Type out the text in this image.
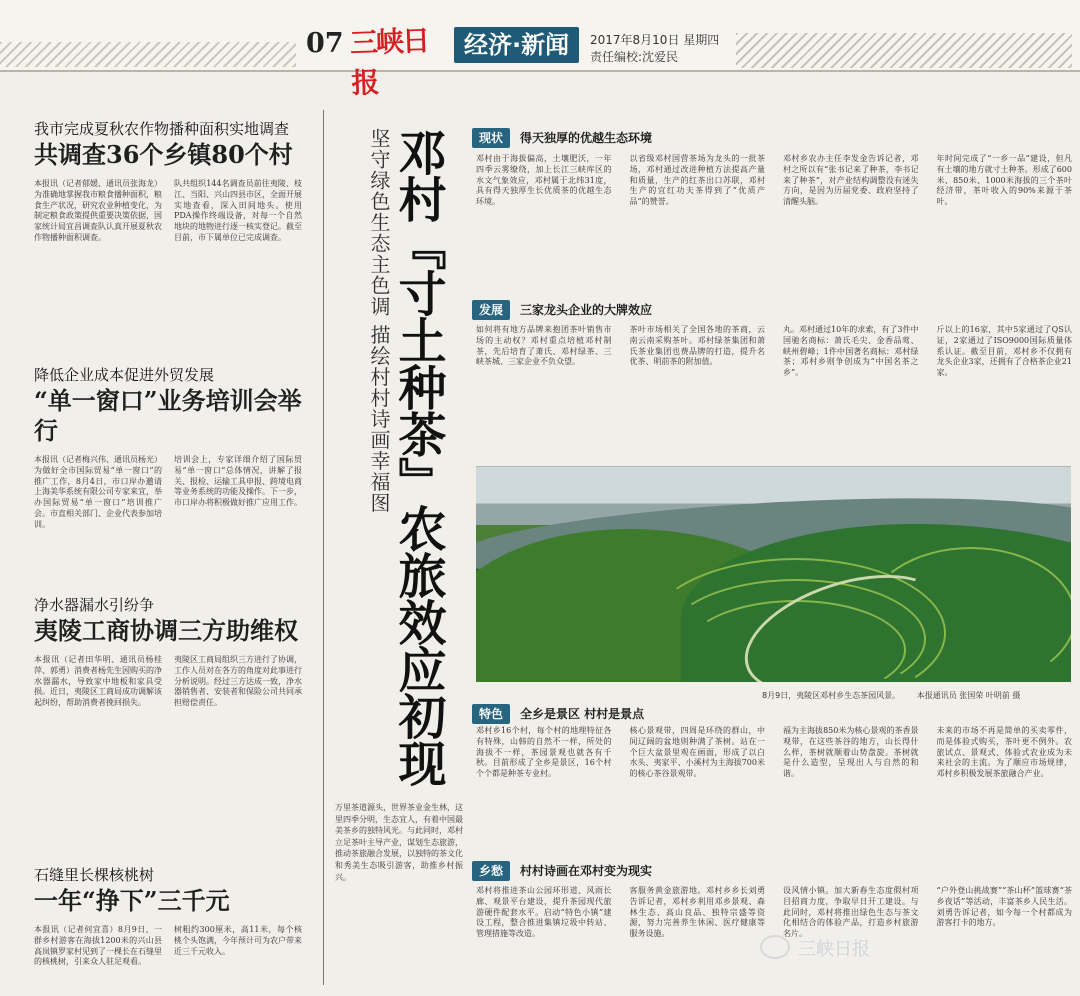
07 三峡日报
经济·新闻	2017年8月10日 星期四
责任编校:沈爱民
我市完成夏秋农作物播种面积实地调查
共调查36个乡镇80个村
本报讯（记者郁媛、通讯员张海龙）为准确地掌握我市粮食播种面积，粮食生产状况，研究农业种植变化，为制定粮食政策提供重要决策依据，国家统计局宜昌调查队认真开展夏秋农作物播种面积调查。
队共组织144名调查员前往夷陵、枝江、当阳、兴山四县市区，全面开展实地查看，深入田间地头。使用PDA操作终端设备，对每一个自然地块的地物进行逐一核实登记。截至目前，市下属单位已完成调查。
降低企业成本促进外贸发展
“单一窗口”业务培训会举行
本报讯（记者梅兴伟、通讯员杨光）为做好全市国际贸易“单一窗口”的推广工作，8月4日，市口岸办邀请上海美华系统有限公司专家来宜，举办国际贸易“单一窗口”培训推广会。市直相关部门、企业代表参加培训。
培训会上，专家详细介绍了国际贸易“单一窗口”总体情况，讲解了报关、报检、运输工具申报、跨境电商等业务系统的功能及操作。下一步，市口岸办将积极做好推广应用工作。
净水器漏水引纷争
夷陵工商协调三方助维权
本报讯（记者田华明、通讯员杨桂萍、郭勇）消费者杨先生因购买的净水器漏水，导致家中地板和家具受损。近日，夷陵区工商局成功调解该起纠纷，帮助消费者挽回损失。
夷陵区工商局组织三方进行了协调，工作人员对在各方的角度对此事进行分析说明。经过三方达成一致，净水器销售者、安装者和保险公司共同承担赔偿责任。
石缝里长棵核桃树
一年“挣下”三千元
本报讯（记者何宜喜）8月9日，一群乡村游客在海拔1200米的兴山县高岚镇罗家村见到了一棵长在石缝里的核桃树，引来众人驻足观看。
树粗约300厘米，高11米，每个核桃个头饱满，今年预计可为农户带来近三千元收入。
坚守绿色生态主色调 描绘村村诗画幸福图 邓村『寸土种茶』农旅效应初现
万里茶道源头，世界茶业金生林，这里四季分明，生态宜人，有着中国最美茶乡的独特风光。与此同时，邓村立足茶叶主导产业，谋划生态旅游，推动茶旅融合发展，以独特的茶文化和秀美生态吸引游客，助推乡村振兴。
现状	得天独厚的优越生态环境
邓村由于海拔偏高，土壤肥沃，一年四季云雾缭绕，加上长江三峡库区的水文气象效应，邓村属于北纬31度，具有得天独厚生长优质茶的优越生态环境。
以省级邓村国营茶场为龙头的一批茶场，邓村通过改进种植方法提高产量和质量，生产的红茶出口苏联，邓村生产的宜红功夫茶得到了“优质产品”的赞誉。
邓村乡农办主任李发金告诉记者，邓村之所以有“张书记来了种茶，李书记来了种茶”，对产业结构调整没有迷失方向，是因为历届党委、政府坚持了清醒头脑。
年时间完成了“一乡一品”建设，但凡有土壤的地方就寸土种茶。形成了600米、850米、1000米海拔的三个茶叶经济带，茶叶收入的90%来源于茶叶。
发展	三家龙头企业的大牌效应
如何将有地方品牌来抱团茶叶销售市场的主动权？邓村重点培植邓村制茶，先后培育了萧氏、邓村绿茶、三峡茶城、三家企业不负众望。
茶叶市场相关了全国各地的茶商，云南云南采购茶叶。邓村绿茶集团和萧氏茶业集团也费品牌的打造，提升名优茶、明前茶的附加值。
丸。邓村通过10年的求索，有了3件中国驰名商标：萧氏毛尖、金香品莺、峡州碧峰；1件中国著名商标：邓村绿茶；邓村乡则争创成为“中国名茶之乡”。
斤以上的16家，其中5家通过了QS认证，2家通过了ISO9000国际质量体系认证。截至目前，邓村乡不仅拥有龙头企业3家，还拥有了合格茶企业21家。
8月9日，夷陵区邓村乡生态茶园风景。 本报通讯员 张国荣 叶明前 摄
特色	全乡是景区 村村是景点
邓村乡16个村，每个村的地理特征各有特殊，山韩的自然不一样，所处的海拔不一样，茶园景观也就各有千秋。目前形成了全乡是景区，16个村个个都是种茶专业村。
核心景观带，四周是环绕的群山，中间辽阔的盆地则种满了茶树。站在一个巨大盆景里观在画面，形成了以白水头、夷家平、小溪村为主海拔700米的核心茶谷景观带。
福为主海拔850米为核心景观的茶香景观带，在这些茶谷的地方，山长得什么样，茶树就顺着山势盘旋。茶树就是什么造型，呈现出人与自然的和谐。
未来的市场不再是简单的买卖零件，而是体验式购买，茶叶更不例外。农旅试点、景观式、体验式农业成为未来社会的主流。为了顺应市场规律，邓村乡积极发展茶旅融合产业。
乡愁	村村诗画在邓村变为现实
邓村将推进茶山公园环形道、风雨长廊、观景平台建设，提升茶园现代旅游硬件配套水平。启动“特色小镇”建设工程，整合推进集镇垃圾中转站、管理措施等改造。
客服务黄金旅游地。邓村乡乡长刘勇告诉记者，邓村乡利用邓乡景观、森林生态、高山良品、独特宗盛等资源，努力完善养生休闲、医疗健康等服务设施。
设风情小镇。加大新春生态度假村项目招商力度，争取早日开工建设。与此同时，邓村将推出绿色生态与茶文化相结合的体验产品，打造乡村旅游名片。
“户外登山挑战赛”“茶山杯”篮球赛“茶乡夜话”等活动，丰富茶乡人民生活。刘勇告诉记者，如今每一个村都成为游客打卡的地方。
三峡日报
